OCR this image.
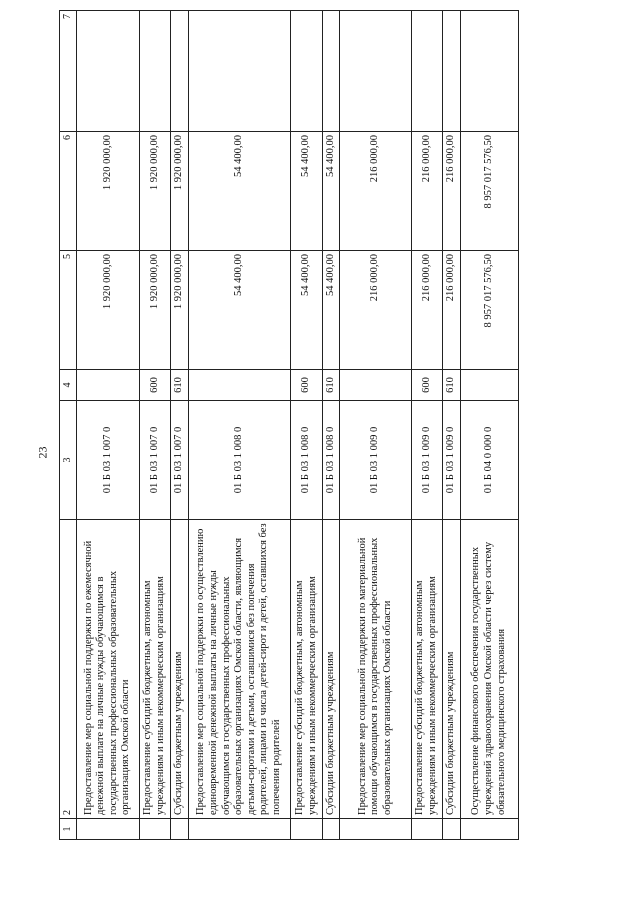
23
1	2	3	4	5	6	7
	Предоставление мер социальной поддержки по ежемесячной денежной выплате на личные нужды обучающимся в государственных профессиональных образовательных организациях Омской области	01 Б 03 1 007 0		1 920 000,00	1 920 000,00	
	Предоставление субсидий бюджетным, автономным учреждениям и иным некоммерческим организациям	01 Б 03 1 007 0	600	1 920 000,00	1 920 000,00	
	Субсидии бюджетным учреждениям	01 Б 03 1 007 0	610	1 920 000,00	1 920 000,00	
	Предоставление мер социальной поддержки по осуществлению единовременной денежной выплаты на личные нужды обучающимся в государственных профессиональных образовательных организациях Омской области, являющимся детьми-сиротами и детьми, оставшимися без попечения родителей, лицами из числа детей-сирот и детей, оставшихся без попечения родителей	01 Б 03 1 008 0		54 400,00	54 400,00	
	Предоставление субсидий бюджетным, автономным учреждениям и иным некоммерческим организациям	01 Б 03 1 008 0	600	54 400,00	54 400,00	
	Субсидии бюджетным учреждениям	01 Б 03 1 008 0	610	54 400,00	54 400,00	
	Предоставление мер социальной поддержки по материальной помощи обучающимся в государственных профессиональных образовательных организациях Омской области	01 Б 03 1 009 0		216 000,00	216 000,00	
	Предоставление субсидий бюджетным, автономным учреждениям и иным некоммерческим организациям	01 Б 03 1 009 0	600	216 000,00	216 000,00	
	Субсидии бюджетным учреждениям	01 Б 03 1 009 0	610	216 000,00	216 000,00	
	Осуществление финансового обеспечения государственных учреждений здравоохранения Омской области через систему обязательного медицинского страхования	01 Б 04 0 000 0		8 957 017 576,50	8 957 017 576,50	
